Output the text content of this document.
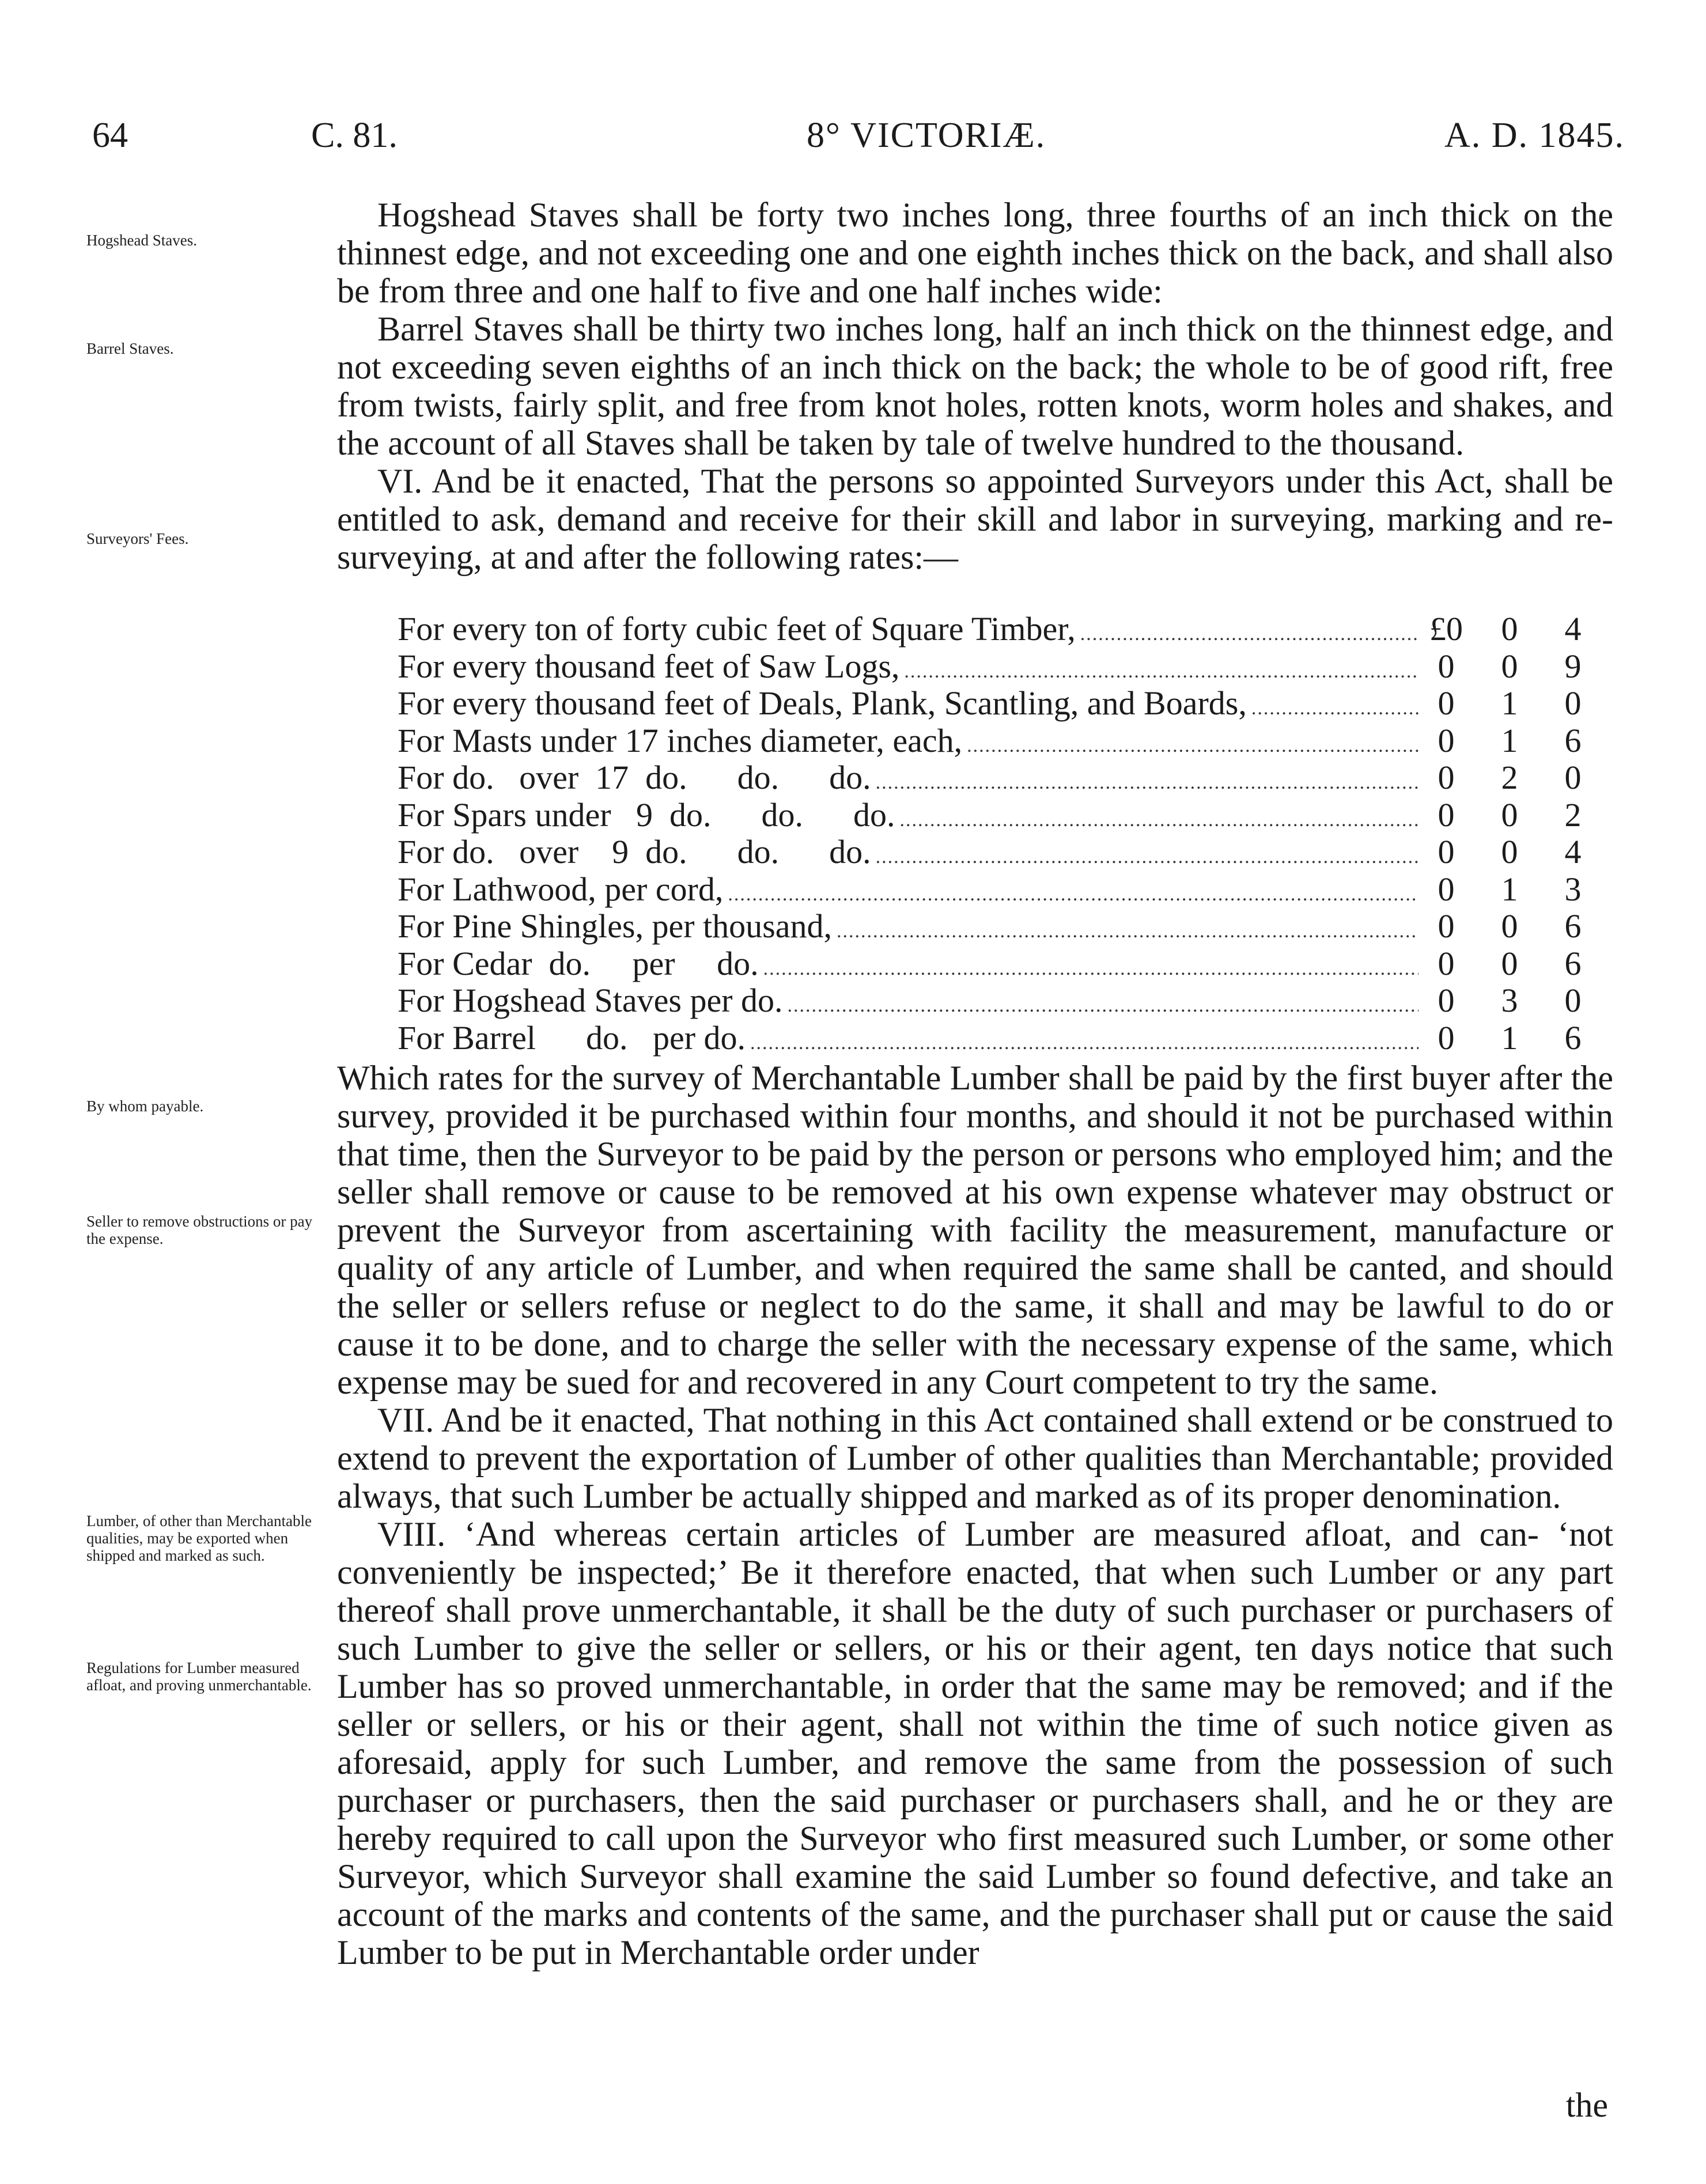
64	C. 81.	8° VICTORIÆ.	A. D. 1845.
Hogshead Staves.
Barrel Staves.
Surveyors' Fees.
By whom payable.
Seller to remove obstructions or pay the expense.
Lumber, of other than Merchantable qualities, may be exported when shipped and marked as such.
Regulations for Lumber measured afloat, and proving unmerchantable.

Hogshead Staves shall be forty two inches long, three fourths of an inch thick on the thinnest edge, and not exceeding one and one eighth inches thick on the back, and shall also be from three and one half to five and one half inches wide:

Barrel Staves shall be thirty two inches long, half an inch thick on the thinnest edge, and not exceeding seven eighths of an inch thick on the back; the whole to be of good rift, free from twists, fairly split, and free from knot holes, rotten knots, worm holes and shakes, and the account of all Staves shall be taken by tale of twelve hundred to the thousand.

VI. And be it enacted, That the persons so appointed Surveyors under this Act, shall be entitled to ask, demand and receive for their skill and labor in surveying, marking and re-surveying, at and after the following rates:—

For every ton of forty cubic feet of Square Timber, .....	£0	0	4
For every thousand feet of Saw Logs, .....	0	0	9
For every thousand feet of Deals, Plank, Scantling, and Boards, .....	0	1	0
For Masts under 17 inches diameter, each, .....	0	1	6
For do.   over  17  do.      do.      do. .....	0	2	0
For Spars under   9  do.      do.      do. .....	0	0	2
For do.   over    9  do.      do.      do. .....	0	0	4
For Lathwood, per cord, .....	0	1	3
For Pine Shingles, per thousand, .....	0	0	6
For Cedar  do.     per     do. .....	0	0	6
For Hogshead Staves per do. .....	0	3	0
For Barrel      do.   per do. .....	0	1	6

Which rates for the survey of Merchantable Lumber shall be paid by the first buyer after the survey, provided it be purchased within four months, and should it not be purchased within that time, then the Surveyor to be paid by the person or persons who employed him; and the seller shall remove or cause to be removed at his own expense whatever may obstruct or prevent the Surveyor from ascertaining with facility the measurement, manufacture or quality of any article of Lumber, and when required the same shall be canted, and should the seller or sellers refuse or neglect to do the same, it shall and may be lawful to do or cause it to be done, and to charge the seller with the necessary expense of the same, which expense may be sued for and recovered in any Court competent to try the same.

VII. And be it enacted, That nothing in this Act contained shall extend or be construed to extend to prevent the exportation of Lumber of other qualities than Merchantable; provided always, that such Lumber be actually shipped and marked as of its proper denomination.

VIII. ‘And whereas certain articles of Lumber are measured afloat, and can‑ ‘not conveniently be inspected;’ Be it therefore enacted, that when such Lumber or any part thereof shall prove unmerchantable, it shall be the duty of such purchaser or purchasers of such Lumber to give the seller or sellers, or his or their agent, ten days notice that such Lumber has so proved unmerchantable, in order that the same may be removed; and if the seller or sellers, or his or their agent, shall not within the time of such notice given as aforesaid, apply for such Lumber, and remove the same from the possession of such purchaser or purchasers, then the said purchaser or purchasers shall, and he or they are hereby required to call upon the Surveyor who first measured such Lumber, or some other Surveyor, which Surveyor shall examine the said Lumber so found defective, and take an account of the marks and contents of the same, and the purchaser shall put or cause the said Lumber to be put in Merchantable order under

the
